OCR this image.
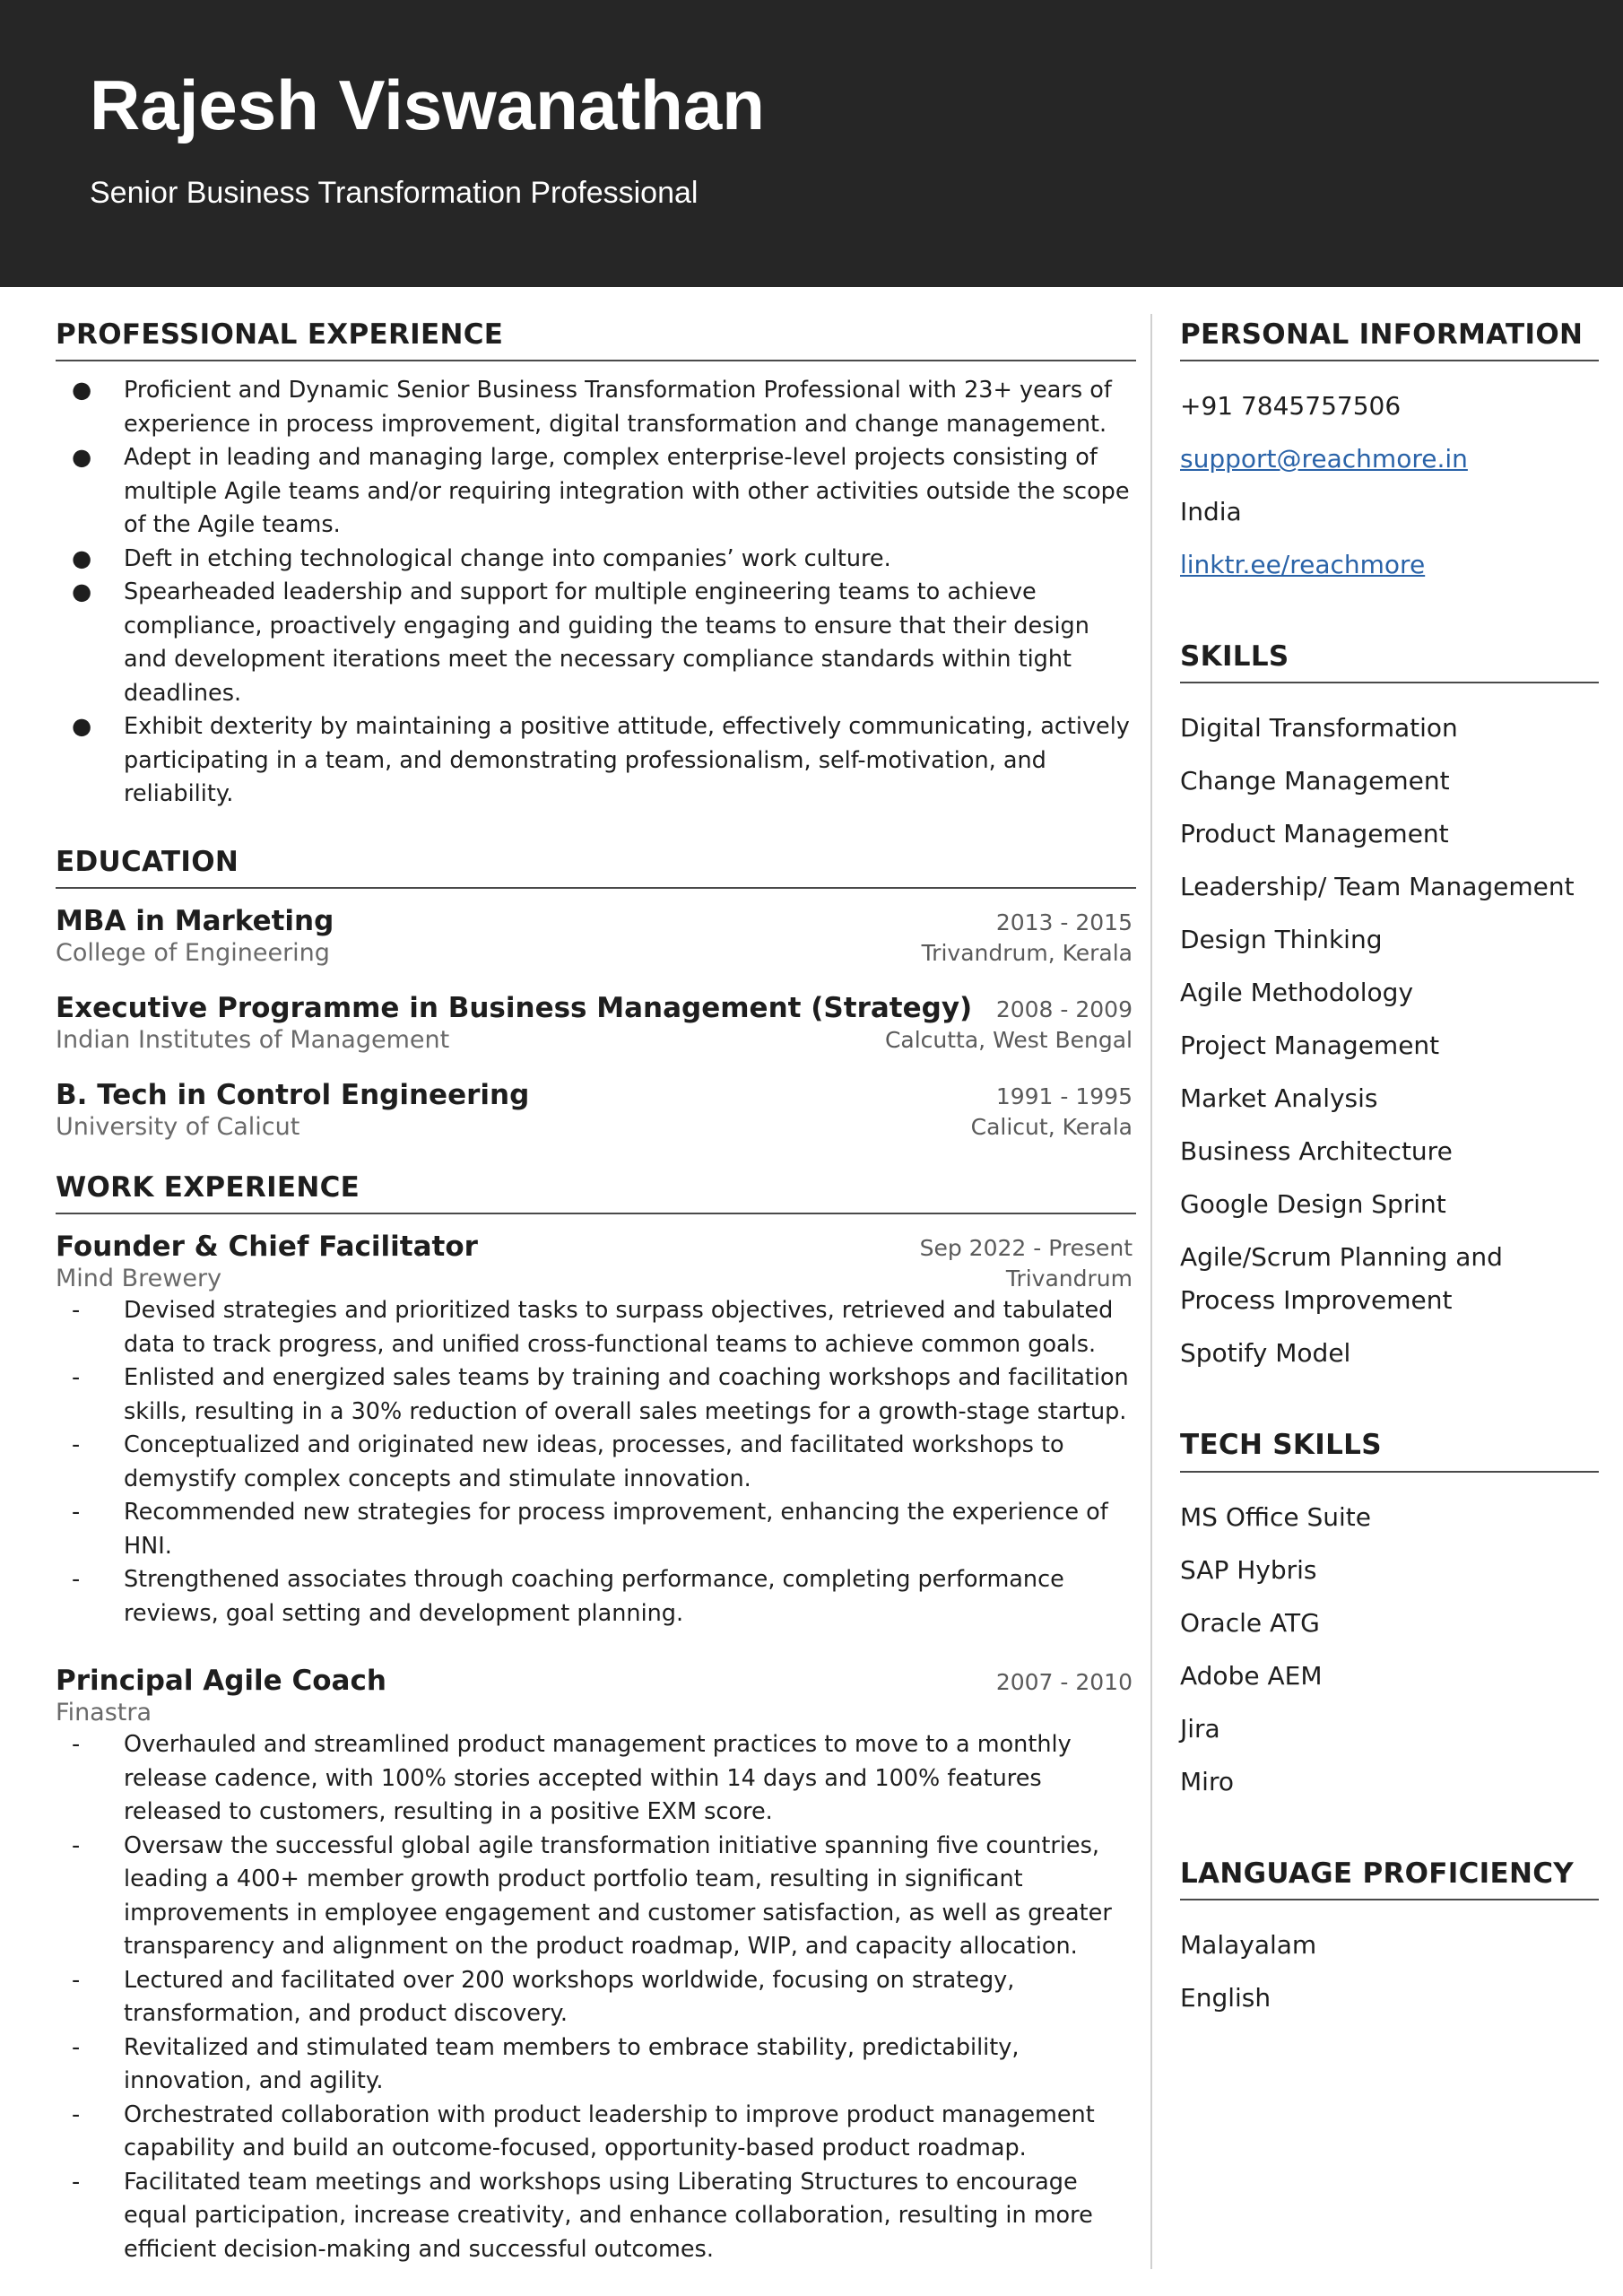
Rajesh Viswanathan
Senior Business Transformation Professional
PROFESSIONAL EXPERIENCE
● Proficient and Dynamic Senior Business Transformation Professional with 23+ years of experience in process improvement, digital transformation and change management.
● Adept in leading and managing large, complex enterprise-level projects consisting of multiple Agile teams and/or requiring integration with other activities outside the scope of the Agile teams.
● Deft in etching technological change into companies’ work culture.
● Spearheaded leadership and support for multiple engineering teams to achieve compliance, proactively engaging and guiding the teams to ensure that their design and development iterations meet the necessary compliance standards within tight deadlines.
● Exhibit dexterity by maintaining a positive attitude, effectively communicating, actively participating in a team, and demonstrating professionalism, self-motivation, and reliability.
EDUCATION
MBA in Marketing	2013 - 2015
College of Engineering	Trivandrum, Kerala
Executive Programme in Business Management (Strategy) 2008 - 2009
Indian Institutes of Management	Calcutta, West Bengal
B. Tech in Control Engineering	1991 - 1995
University of Calicut	Calicut, Kerala
WORK EXPERIENCE
Founder & Chief Facilitator	Sep 2022 - Present
Mind Brewery	Trivandrum
- Devised strategies and prioritized tasks to surpass objectives, retrieved and tabulated data to track progress, and unified cross-functional teams to achieve common goals.
- Enlisted and energized sales teams by training and coaching workshops and facilitation skills, resulting in a 30% reduction of overall sales meetings for a growth-stage startup.
- Conceptualized and originated new ideas, processes, and facilitated workshops to demystify complex concepts and stimulate innovation.
- Recommended new strategies for process improvement, enhancing the experience of HNI.
- Strengthened associates through coaching performance, completing performance reviews, goal setting and development planning.
Principal Agile Coach	2007 - 2010
Finastra
- Overhauled and streamlined product management practices to move to a monthly release cadence, with 100% stories accepted within 14 days and 100% features released to customers, resulting in a positive EXM score.
- Oversaw the successful global agile transformation initiative spanning five countries, leading a 400+ member growth product portfolio team, resulting in significant improvements in employee engagement and customer satisfaction, as well as greater transparency and alignment on the product roadmap, WIP, and capacity allocation.
- Lectured and facilitated over 200 workshops worldwide, focusing on strategy, transformation, and product discovery.
- Revitalized and stimulated team members to embrace stability, predictability, innovation, and agility.
- Orchestrated collaboration with product leadership to improve product management capability and build an outcome-focused, opportunity-based product roadmap.
- Facilitated team meetings and workshops using Liberating Structures to encourage equal participation, increase creativity, and enhance collaboration, resulting in more efficient decision-making and successful outcomes.
PERSONAL INFORMATION
+91 7845757506
support@reachmore.in
India
linktr.ee/reachmore
SKILLS
Digital Transformation
Change Management
Product Management
Leadership/ Team Management
Design Thinking
Agile Methodology
Project Management
Market Analysis
Business Architecture
Google Design Sprint
Agile/Scrum Planning and Process Improvement
Spotify Model
TECH SKILLS
MS Office Suite
SAP Hybris
Oracle ATG
Adobe AEM
Jira
Miro
LANGUAGE PROFICIENCY
Malayalam
English
